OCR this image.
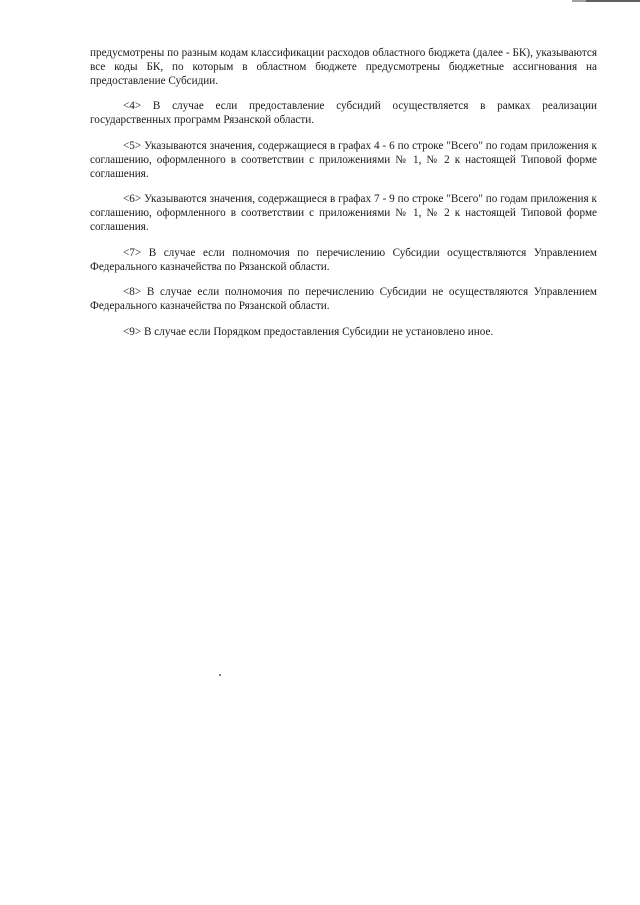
предусмотрены по разным кодам классификации расходов областного бюджета (далее - БК), указываются все коды БК, по которым в областном бюджете предусмотрены бюджетные ассигнования на предоставление Субсидии.

<4> В случае если предоставление субсидий осуществляется в рамках реализации государственных программ Рязанской области.

<5> Указываются значения, содержащиеся в графах 4 - 6 по строке "Всего" по годам приложения к соглашению, оформленного в соответствии с приложениями № 1, № 2 к настоящей Типовой форме соглашения.

<6> Указываются значения, содержащиеся в графах 7 - 9 по строке "Всего" по годам приложения к соглашению, оформленного в соответствии с приложениями № 1, № 2 к настоящей Типовой форме соглашения.

<7> В случае если полномочия по перечислению Субсидии осуществляются Управлением Федерального казначейства по Рязанской области.

<8> В случае если полномочия по перечислению Субсидии не осуществляются Управлением Федерального казначейства по Рязанской области.

<9> В случае если Порядком предоставления Субсидии не установлено иное.
